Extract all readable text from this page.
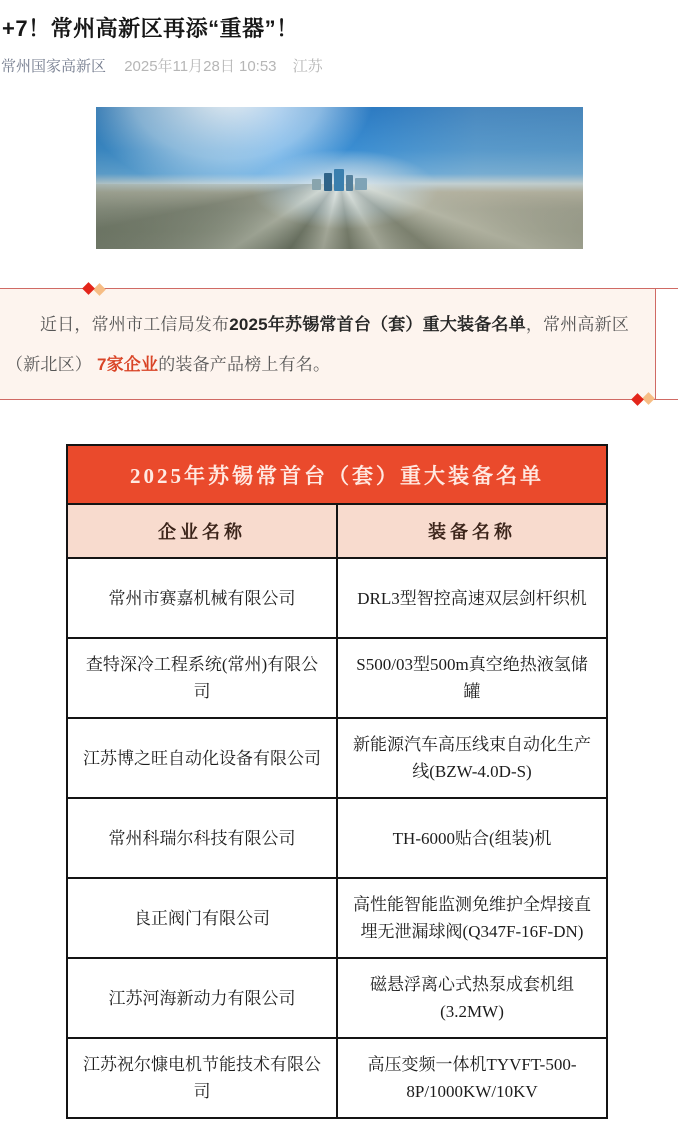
+7！常州高新区再添“重器”！
常州国家高新区 2025年11月28日 10:53 江苏

近日，常州市工信局发布2025年苏锡常首台（套）重大装备名单，常州高新区（新北区） 7家企业的装备产品榜上有名。

2025年苏锡常首台（套）重大装备名单	
企业名称	装备名称
常州市赛嘉机械有限公司	DRL3型智控高速双层剑杆织机
查特深冷工程系统(常州)有限公司	S500/03型500m真空绝热液氢储罐
江苏博之旺自动化设备有限公司	新能源汽车高压线束自动化生产线(BZW-4.0D-S)
常州科瑞尔科技有限公司	TH-6000贴合(组装)机
良正阀门有限公司	高性能智能监测免维护全焊接直埋无泄漏球阀(Q347F-16F-DN)
江苏河海新动力有限公司	磁悬浮离心式热泵成套机组(3.2MW)
江苏祝尔慷电机节能技术有限公司	高压变频一体机TYVFT-500-8P/1000KW/10KV
